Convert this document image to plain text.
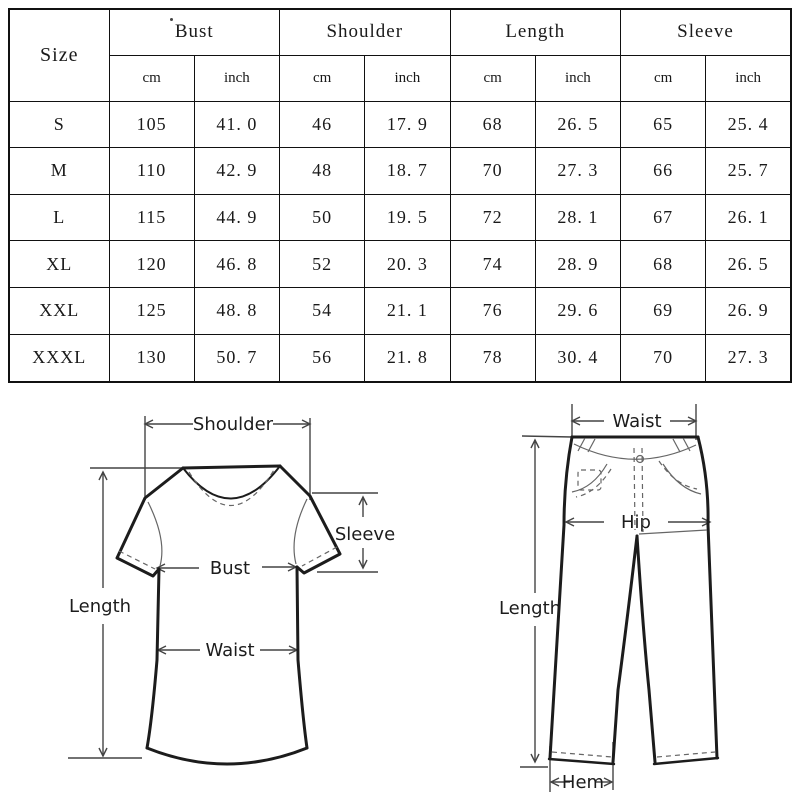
Size	Bust		Shoulder		Length		Sleeve	
	cm	inch	cm	inch	cm	inch	cm	inch
S	105	41. 0	46	17. 9	68	26. 5	65	25. 4
M	110	42. 9	48	18. 7	70	27. 3	66	25. 7
L	115	44. 9	50	19. 5	72	28. 1	67	26. 1
XL	120	46. 8	52	20. 3	74	28. 9	68	26. 5
XXL	125	48. 8	54	21. 1	76	29. 6	69	26. 9
XXXL	130	50. 7	56	21. 8	78	30. 4	70	27. 3
Shoulder
Length
Sleeve
Bust
Waist
Waist
Hip
Length
Hem
